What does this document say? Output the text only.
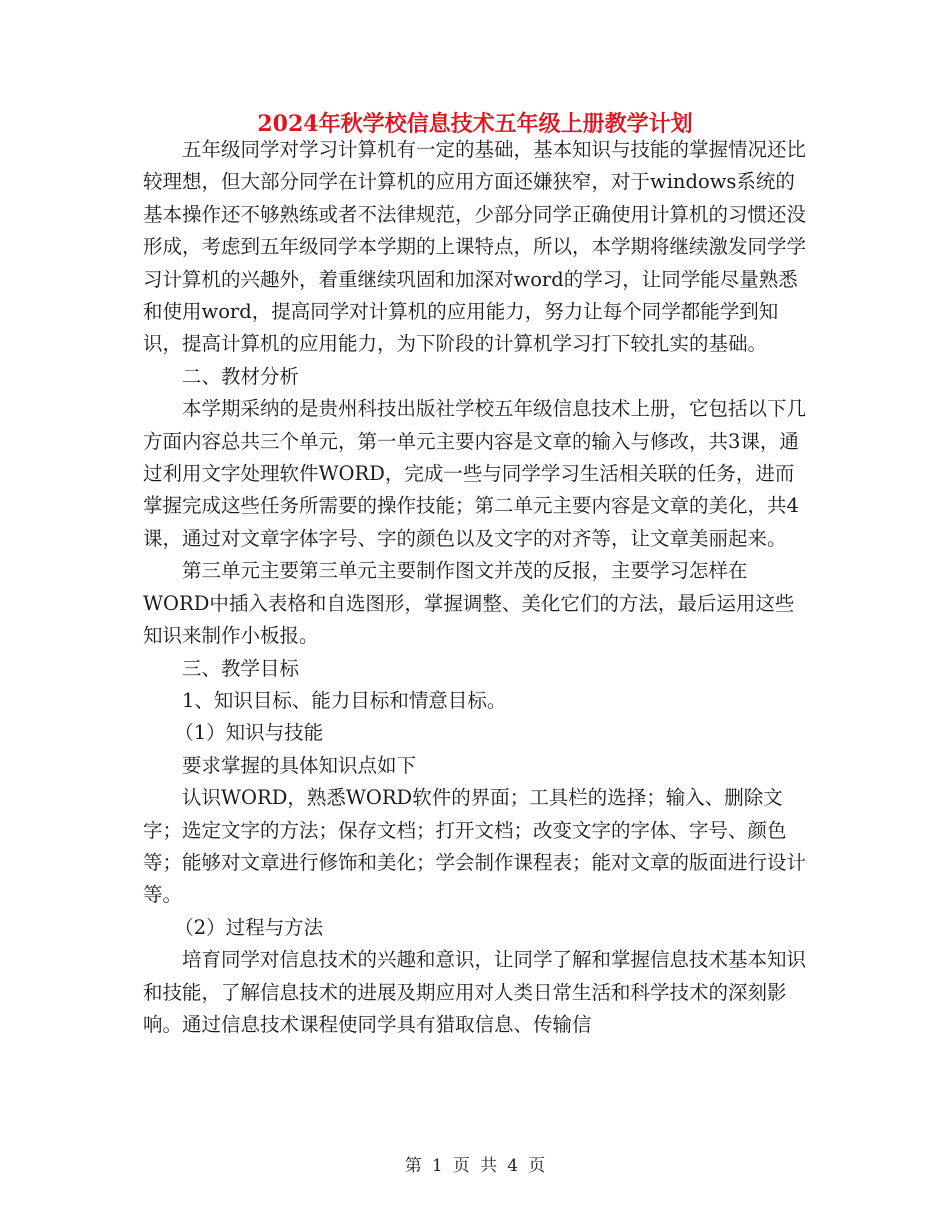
2024年秋学校信息技术五年级上册教学计划

五年级同学对学习计算机有一定的基础，基本知识与技能的掌握情况还比较理想，但大部分同学在计算机的应用方面还嫌狭窄，对于windows系统的基本操作还不够熟练或者不法律规范，少部分同学正确使用计算机的习惯还没形成，考虑到五年级同学本学期的上课特点，所以，本学期将继续激发同学学习计算机的兴趣外，着重继续巩固和加深对word的学习，让同学能尽量熟悉和使用word，提高同学对计算机的应用能力，努力让每个同学都能学到知识，提高计算机的应用能力，为下阶段的计算机学习打下较扎实的基础。

二、教材分析

本学期采纳的是贵州科技出版社学校五年级信息技术上册，它包括以下几方面内容总共三个单元，第一单元主要内容是文章的输入与修改，共3课，通过利用文字处理软件WORD，完成一些与同学学习生活相关联的任务，进而掌握完成这些任务所需要的操作技能；第二单元主要内容是文章的美化，共4课，通过对文章字体字号、字的颜色以及文字的对齐等，让文章美丽起来。

第三单元主要第三单元主要制作图文并茂的反报，主要学习怎样在WORD中插入表格和自选图形，掌握调整、美化它们的方法，最后运用这些知识来制作小板报。

三、教学目标

1、知识目标、能力目标和情意目标。

（1）知识与技能

要求掌握的具体知识点如下

认识WORD，熟悉WORD软件的界面；工具栏的选择；输入、删除文字；选定文字的方法；保存文档；打开文档；改变文字的字体、字号、颜色等；能够对文章进行修饰和美化；学会制作课程表；能对文章的版面进行设计等。

（2）过程与方法

培育同学对信息技术的兴趣和意识，让同学了解和掌握信息技术基本知识和技能，了解信息技术的进展及期应用对人类日常生活和科学技术的深刻影响。通过信息技术课程使同学具有猎取信息、传输信

第 1 页 共 4 页
